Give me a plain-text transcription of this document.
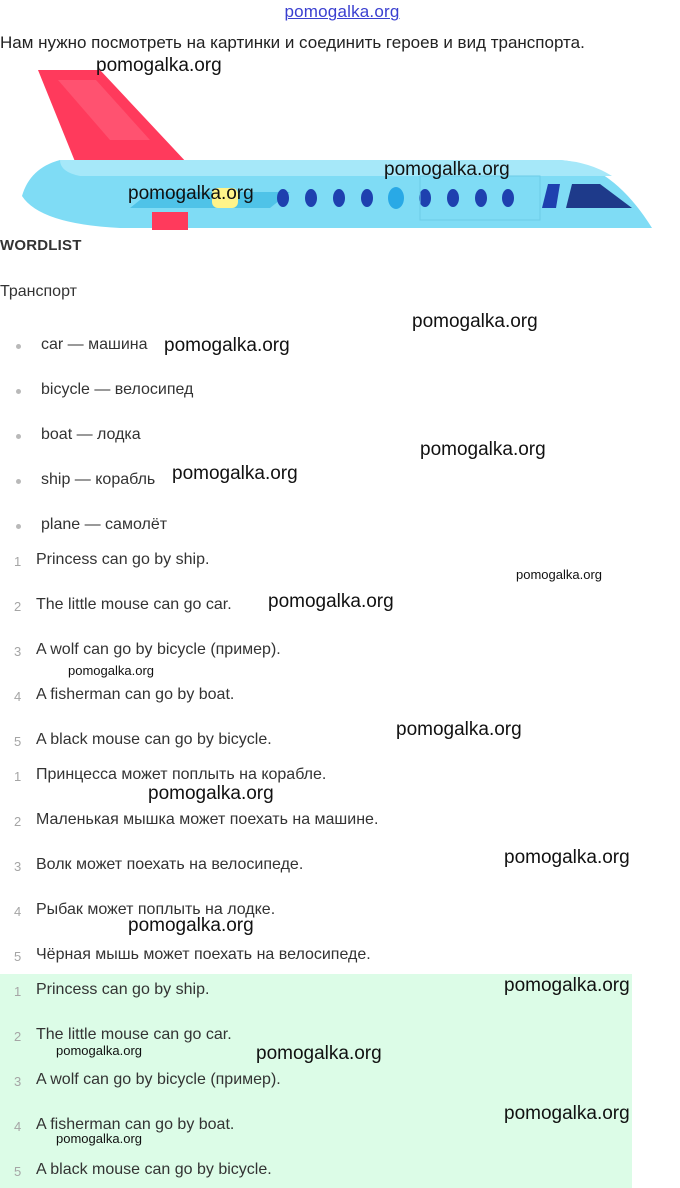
pomogalka.org
Нам нужно посмотреть на картинки и соединить героев и вид транспорта.
WORDLIST
Транспорт
car — машина
bicycle — велосипед
boat — лодка
ship — корабль
plane — самолёт
1 Princess can go by ship.
2 The little mouse can go car.
3 A wolf can go by bicycle (пример).
4 A fisherman can go by boat.
5 A black mouse can go by bicycle.
1 Принцесса может поплыть на корабле.
2 Маленькая мышка может поехать на машине.
3 Волк может поехать на велосипеде.
4 Рыбак может поплыть на лодке.
5 Чёрная мышь может поехать на велосипеде.
1 Princess can go by ship.
2 The little mouse can go car.
3 A wolf can go by bicycle (пример).
4 A fisherman can go by boat.
5 A black mouse can go by bicycle.
pomogalka.org
pomogalka.org
pomogalka.org
pomogalka.org
pomogalka.org
pomogalka.org
pomogalka.org
pomogalka.org
pomogalka.org
pomogalka.org
pomogalka.org
pomogalka.org
pomogalka.org
pomogalka.org
pomogalka.org
pomogalka.org	pomogalka.org
pomogalka.org
pomogalka.org
